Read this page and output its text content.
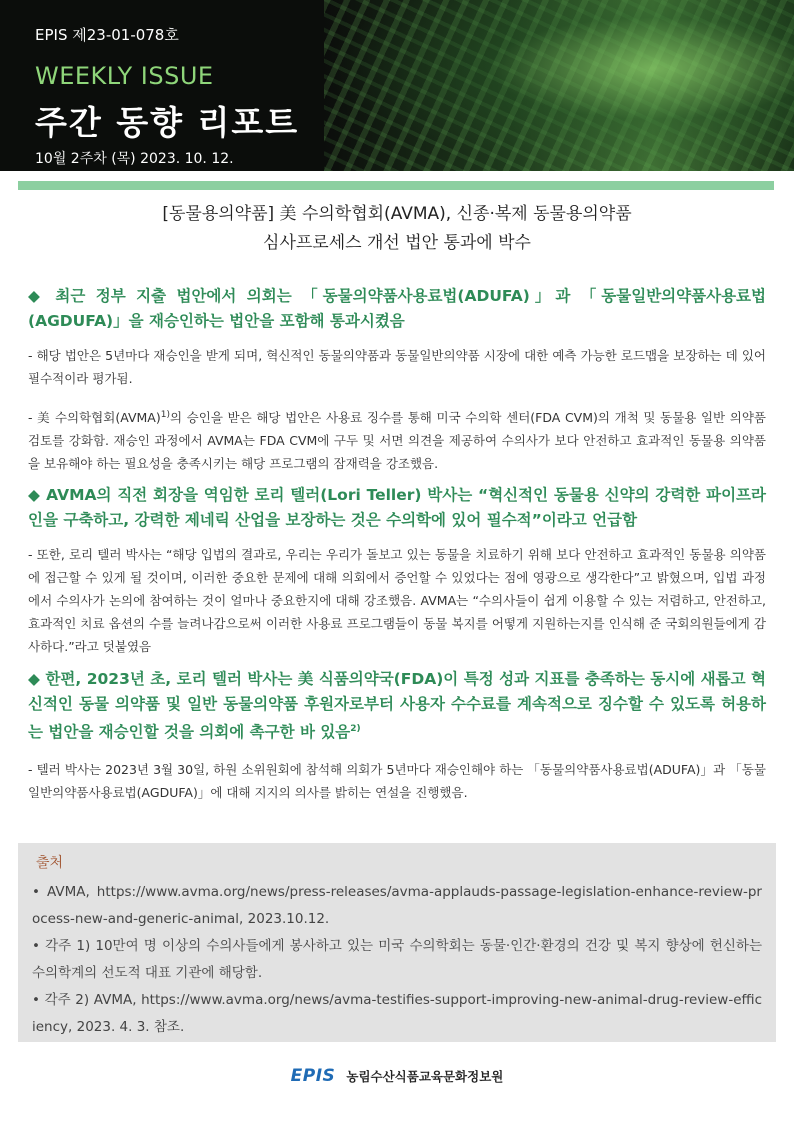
EPIS 제23-01-078호
WEEKLY ISSUE
주간 동향 리포트
10월 2주차 (목) 2023. 10. 12.
[동물용의약품] 美 수의학협회(AVMA), 신종·복제 동물용의약품
심사프로세스 개선 법안 통과에 박수
◆ 최근 정부 지출 법안에서 의회는 「동물의약품사용료법(ADUFA)」과 「동물일반의약품사용료법(AGDUFA)」을 재승인하는 법안을 포함해 통과시켰음
- 해당 법안은 5년마다 재승인을 받게 되며, 혁신적인 동물의약품과 동물일반의약품 시장에 대한 예측 가능한 로드맵을 보장하는 데 있어 필수적이라 평가됨.
- 美 수의학협회(AVMA)$^{1)}$의 승인을 받은 해당 법안은 사용료 징수를 통해 미국 수의학 센터(FDA CVM)의 개척 및 동물용 일반 의약품 검토를 강화함. 재승인 과정에서 AVMA는 FDA CVM에 구두 및 서면 의견을 제공하여 수의사가 보다 안전하고 효과적인 동물용 의약품을 보유해야 하는 필요성을 충족시키는 해당 프로그램의 잠재력을 강조했음.
◆ AVMA의 직전 회장을 역임한 로리 텔러(Lori Teller) 박사는 “혁신적인 동물용 신약의 강력한 파이프라인을 구축하고, 강력한 제네릭 산업을 보장하는 것은 수의학에 있어 필수적”이라고 언급함
- 또한, 로리 텔러 박사는 “해당 입법의 결과로, 우리는 우리가 돌보고 있는 동물을 치료하기 위해 보다 안전하고 효과적인 동물용 의약품에 접근할 수 있게 될 것이며, 이러한 중요한 문제에 대해 의회에서 증언할 수 있었다는 점에 영광으로 생각한다”고 밝혔으며, 입법 과정에서 수의사가 논의에 참여하는 것이 얼마나 중요한지에 대해 강조했음. AVMA는 “수의사들이 쉽게 이용할 수 있는 저렴하고, 안전하고, 효과적인 치료 옵션의 수를 늘려나감으로써 이러한 사용료 프로그램들이 동물 복지를 어떻게 지원하는지를 인식해 준 국회의원들에게 감사하다.”라고 덧붙였음
◆ 한편, 2023년 초, 로리 텔러 박사는 美 식품의약국(FDA)이 특정 성과 지표를 충족하는 동시에 새롭고 혁신적인 동물 의약품 및 일반 동물의약품 후원자로부터 사용자 수수료를 계속적으로 징수할 수 있도록 허용하는 법안을 재승인할 것을 의회에 촉구한 바 있음$^{2)}$
- 텔러 박사는 2023년 3월 30일, 하원 소위원회에 참석해 의회가 5년마다 재승인해야 하는 「동물의약품사용료법(ADUFA)」과 「동물일반의약품사용료법(AGDUFA)」에 대해 지지의 의사를 밝히는 연설을 진행했음.
출처
• AVMA, https://www.avma.org/news/press-releases/avma-applauds-passage-legislation-enhance-review-process-new-and-generic-animal, 2023.10.12.
• 각주 1) 10만여 명 이상의 수의사들에게 봉사하고 있는 미국 수의학회는 동물·인간·환경의 건강 및 복지 향상에 헌신하는 수의학계의 선도적 대표 기관에 해당함.
• 각주 2) AVMA, https://www.avma.org/news/avma-testifies-support-improving-new-animal-drug-review-efficiency, 2023. 4. 3. 참조.
EPIS 농림수산식품교육문화정보원
